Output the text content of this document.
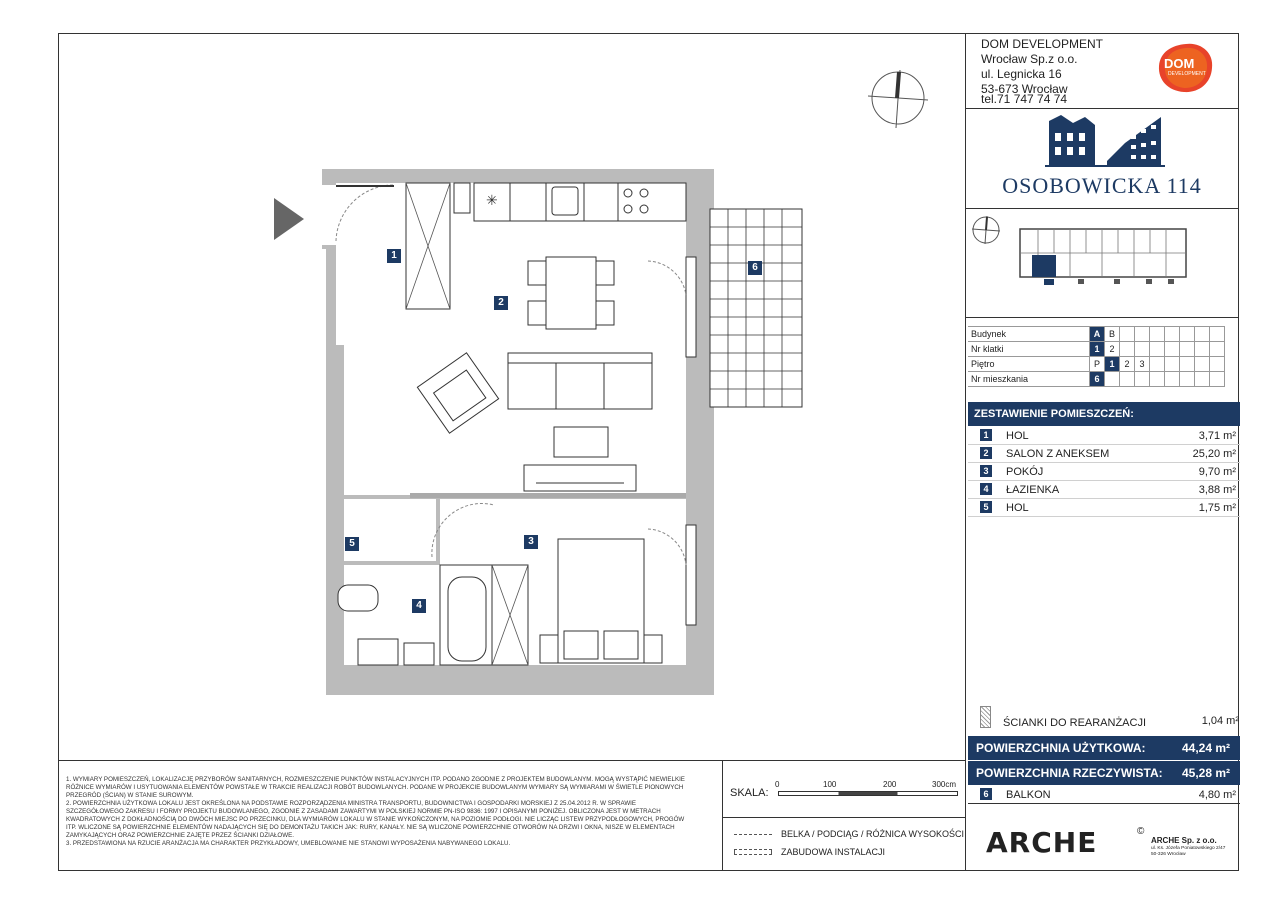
DOM DEVELOPMENT
Wrocław Sp.z o.o.
ul. Legnicka 16
53-673 Wrocław
tel.71 747 74 74
DOM
DEVELOPMENT
OSOBOWICKA 114
Budynek	A	B							
Nr klatki	1	2							
Piętro	P	1	2	3					
Nr mieszkania	6								
ZESTAWIENIE POMIESZCZEŃ:
1	HOL	3,71 m²
2	SALON Z ANEKSEM	25,20 m²
3	POKÓJ	9,70 m²
4	ŁAZIENKA	3,88 m²
5	HOL	1,75 m²
ŚCIANKI DO REARANŻACJI	1,04 m²
POWIERZCHNIA UŻYTKOWA:	44,24 m²
POWIERZCHNIA RZECZYWISTA: 45,28 m²
6	BALKON	4,80 m²
ARCHE	©
ARCHE Sp. z o.o.
ul. Ks. Józefa Poniatowskiego 2/47
50-326 Wrocław
SKALA:
0	100	200	300cm
BELKA / PODCIĄG / RÓŻNICA WYSOKOŚCI
ZABUDOWA INSTALACJI
1. WYMIARY POMIESZCZEŃ, LOKALIZACJĘ PRZYBORÓW SANITARNYCH, ROZMIESZCZENIE PUNKTÓW INSTALACYJNYCH ITP. PODANO ZGODNIE Z PROJEKTEM BUDOWLANYM. MOGĄ WYSTĄPIĆ NIEWIELKIE RÓŻNICE WYMIARÓW I USYTUOWANIA ELEMENTÓW POWSTAŁE W TRAKCIE REALIZACJI ROBÓT BUDOWLANYCH. PODANE W PROJEKCIE BUDOWLANYM WYMIARY SĄ WYMIARAMI W ŚWIETLE PIONOWYCH PRZEGRÓD (ŚCIAN) W STANIE SUROWYM.
2. POWIERZCHNIA UŻYTKOWA LOKALU JEST OKREŚLONA NA PODSTAWIE ROZPORZĄDZENIA MINISTRA TRANSPORTU, BUDOWNICTWA I GOSPODARKI MORSKIEJ Z 25.04.2012 R. W SPRAWIE SZCZEGÓŁOWEGO ZAKRESU I FORMY PROJEKTU BUDOWLANEGO, ZGODNIE Z ZASADAMI ZAWARTYMI W POLSKIEJ NORMIE PN-ISO 9836: 1997 I OPISANYMI PONIŻEJ. OBLICZONA JEST W METRACH KWADRATOWYCH Z DOKŁADNOŚCIĄ DO DWÓCH MIEJSC PO PRZECINKU, DLA WYMIARÓW LOKALU W STANIE WYKOŃCZONYM, NA POZIOMIE PODŁOGI. NIE LICZĄC LISTEW PRZYPODŁOGOWYCH, PROGÓW ITP. WLICZONE SĄ POWIERZCHNIE ELEMENTÓW NADAJĄCYCH SIĘ DO DEMONTAŻU TAKICH JAK: RURY, KANAŁY. NIE SĄ WLICZONE POWIERZCHNIE OTWORÓW NA DRZWI I OKNA, NISZE W ELEMENTACH ZAMYKAJĄCYCH ORAZ POWIERZCHNIE ZAJĘTE PRZEZ ŚCIANKI DZIAŁOWE.
3. PRZEDSTAWIONA NA RZUCIE ARANŻACJA MA CHARAKTER PRZYKŁADOWY, UMEBLOWANIE NIE STANOWI WYPOSAŻENIA NABYWANEGO LOKALU.
✳
1
2
3
4
5
6
